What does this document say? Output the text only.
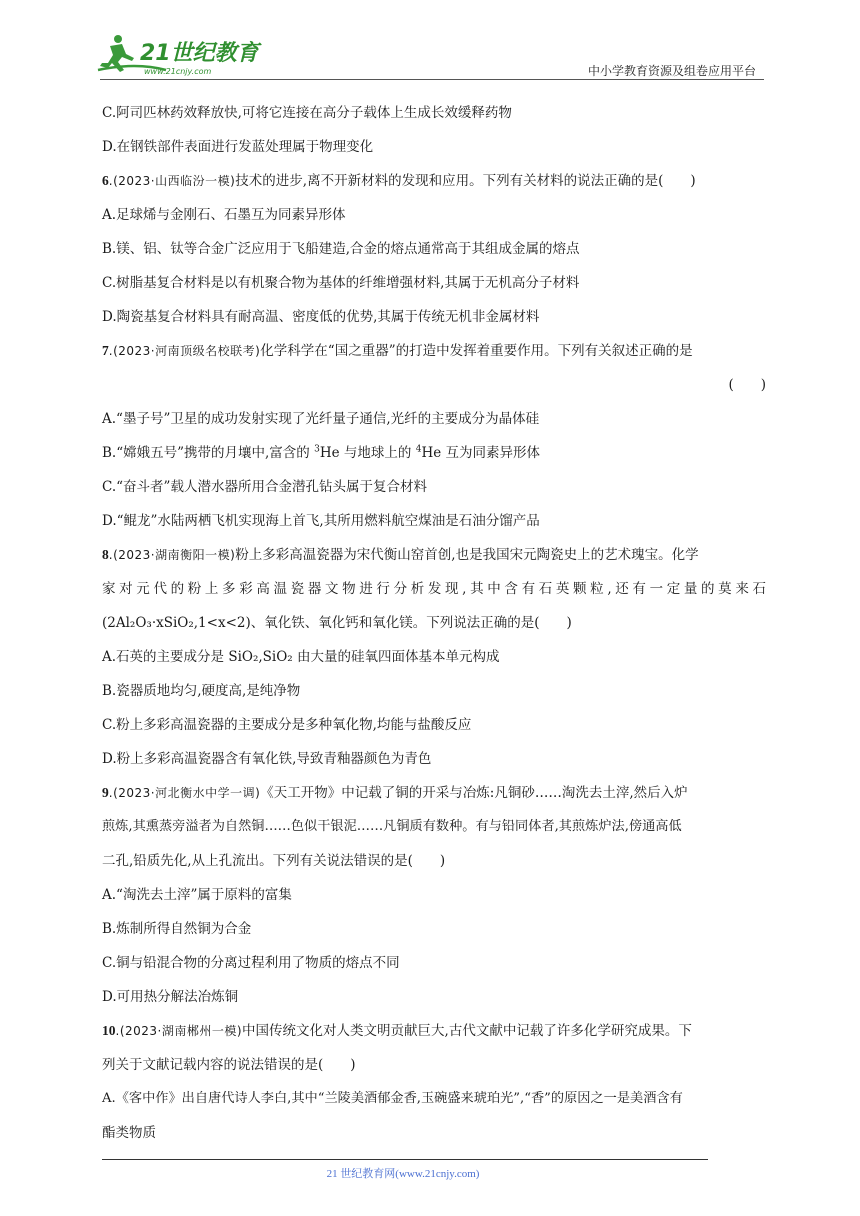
21世纪教育
www.21cnjy.com	中小学教育资源及组卷应用平台
C.阿司匹林药效释放快,可将它连接在高分子载体上生成长效缓释药物
D.在钢铁部件表面进行发蓝处理属于物理变化
6.(2023·山西临汾一模)技术的进步,离不开新材料的发现和应用。下列有关材料的说法正确的是(　　)
A.足球烯与金刚石、石墨互为同素异形体
B.镁、铝、钛等合金广泛应用于飞船建造,合金的熔点通常高于其组成金属的熔点
C.树脂基复合材料是以有机聚合物为基体的纤维增强材料,其属于无机高分子材料
D.陶瓷基复合材料具有耐高温、密度低的优势,其属于传统无机非金属材料
7.(2023·河南顶级名校联考)化学科学在“国之重器”的打造中发挥着重要作用。下列有关叙述正确的是
(　　)
A.“墨子号”卫星的成功发射实现了光纤量子通信,光纤的主要成分为晶体硅
B.“嫦娥五号”携带的月壤中,富含的 $^3$He 与地球上的 $^4$He 互为同素异形体
C.“奋斗者”载人潜水器所用合金潜孔钻头属于复合材料
D.“鲲龙”水陆两栖飞机实现海上首飞,其所用燃料航空煤油是石油分馏产品
8.(2023·湖南衡阳一模)粉上多彩高温瓷器为宋代衡山窑首创,也是我国宋元陶瓷史上的艺术瑰宝。化学
家对元代的粉上多彩高温瓷器文物进行分析发现,其中含有石英颗粒,还有一定量的莫来石
(2Al₂O₃·xSiO₂,1<x<2)、氧化铁、氧化钙和氧化镁。下列说法正确的是(　　)
A.石英的主要成分是 SiO₂,SiO₂ 由大量的硅氧四面体基本单元构成
B.瓷器质地均匀,硬度高,是纯净物
C.粉上多彩高温瓷器的主要成分是多种氧化物,均能与盐酸反应
D.粉上多彩高温瓷器含有氧化铁,导致青釉器颜色为青色
9.(2023·河北衡水中学一调)《天工开物》中记载了铜的开采与冶炼:凡铜砂……淘洗去土滓,然后入炉
煎炼,其熏蒸旁溢者为自然铜……色似干银泥……凡铜质有数种。有与铅同体者,其煎炼炉法,傍通高低
二孔,铅质先化,从上孔流出。下列有关说法错误的是(　　)
A.“淘洗去土滓”属于原料的富集
B.炼制所得自然铜为合金
C.铜与铅混合物的分离过程利用了物质的熔点不同
D.可用热分解法冶炼铜
10.(2023·湖南郴州一模)中国传统文化对人类文明贡献巨大,古代文献中记载了许多化学研究成果。下
列关于文献记载内容的说法错误的是(　　)
A.《客中作》出自唐代诗人李白,其中“兰陵美酒郁金香,玉碗盛来琥珀光”,“香”的原因之一是美酒含有
酯类物质
21 世纪教育网(www.21cnjy.com)
